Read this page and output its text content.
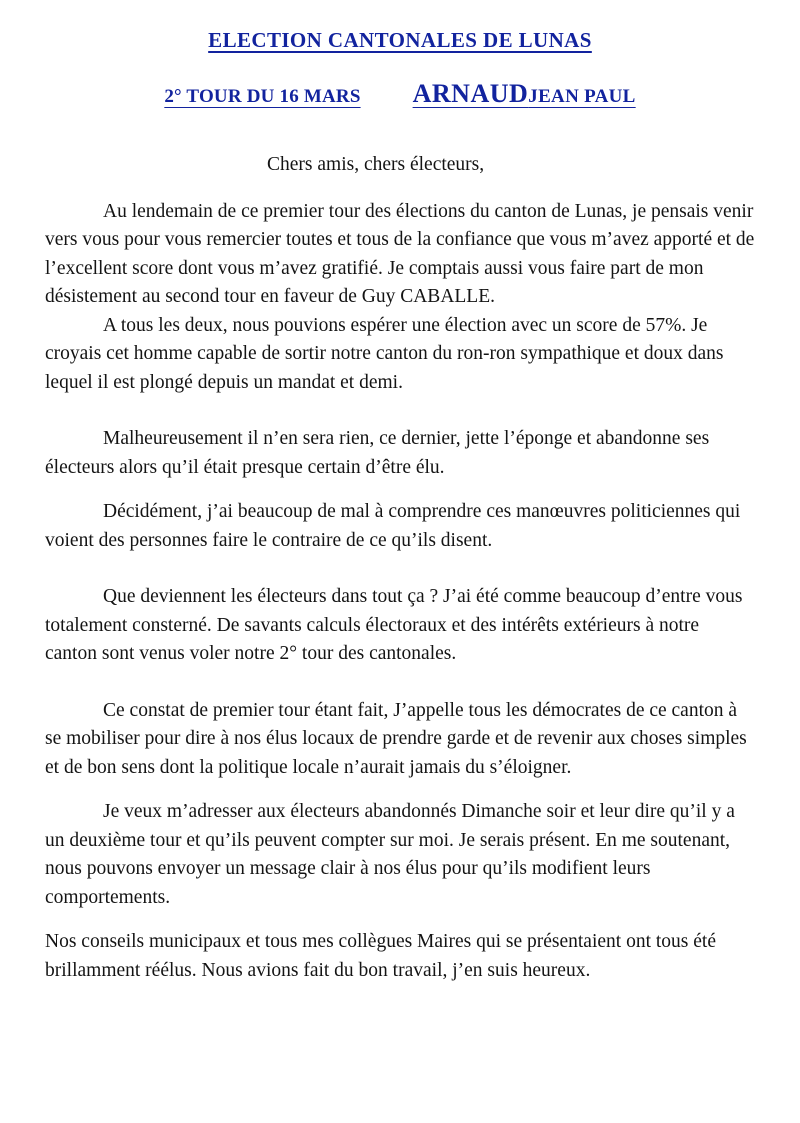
ELECTION CANTONALES DE LUNAS
2° TOUR DU 16 MARS ARNAUDJEAN PAUL
Chers amis, chers électeurs,

Au lendemain de ce premier tour des élections du canton de Lunas, je pensais venir vers vous pour vous remercier toutes et tous de la confiance que vous m’avez apporté et de l’excellent score dont vous m’avez gratifié. Je comptais aussi vous faire part de mon désistement au second tour en faveur de Guy CABALLE.

A tous les deux, nous pouvions espérer une élection avec un score de 57%. Je croyais cet homme capable de sortir notre canton du ron-ron sympathique et doux dans lequel il est plongé depuis un mandat et demi.

Malheureusement il n’en sera rien, ce dernier, jette l’éponge et abandonne ses électeurs alors qu’il était presque certain d’être élu.

Décidément, j’ai beaucoup de mal à comprendre ces manœuvres politiciennes qui voient des personnes faire le contraire de ce qu’ils disent.

Que deviennent les électeurs dans tout ça ? J’ai été comme beaucoup d’entre vous totalement consterné. De savants calculs électoraux et des intérêts extérieurs à notre canton sont venus voler notre 2° tour des cantonales.

Ce constat de premier tour étant fait, J’appelle tous les démocrates de ce canton à se mobiliser pour dire à nos élus locaux de prendre garde et de revenir aux choses simples et de bon sens dont la politique locale n’aurait jamais du s’éloigner.

Je veux m’adresser aux électeurs abandonnés Dimanche soir et leur dire qu’il y a un deuxième tour et qu’ils peuvent compter sur moi. Je serais présent. En me soutenant, nous pouvons envoyer un message clair à nos élus pour qu’ils modifient leurs comportements.

Nos conseils municipaux et tous mes collègues Maires qui se présentaient ont tous été brillamment réélus. Nous avions fait du bon travail, j’en suis heureux.
